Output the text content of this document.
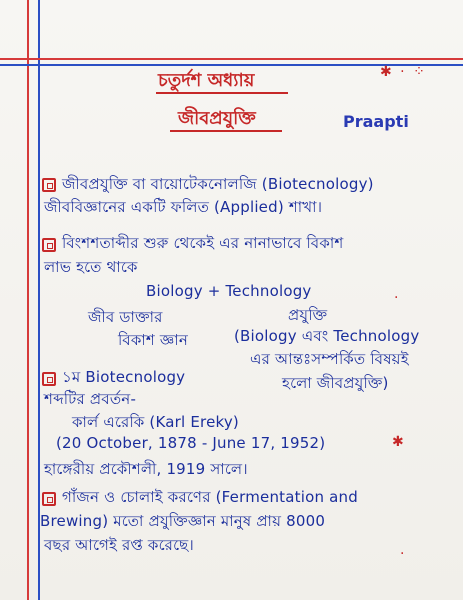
চতুর্দশ অধ্যায়
জীবপ্রযুক্তি	Praapti
✱ · ⁘
জীবপ্রযুক্তি বা বায়োটেকনোলজি (Biotecnology)
জীববিজ্ঞানের একটি ফলিত (Applied) শাখা।
বিংশশতাব্দীর শুরু থেকেই এর নানাভাবে বিকাশ
লাভ হতে থাকে
Biology + Technology
জীব ডাক্তার	প্রযুক্তি
বিকাশ জ্ঞান	(Biology এবং Technology
এর আন্তঃসম্পর্কিত বিষয়ই
হলো জীবপ্রযুক্তি)
·
১ম Biotecnology
শব্দটির প্রবর্তন-
কার্ল এরেকি (Karl Ereky)
(20 October, 1878 - June 17, 1952)
হাঙ্গেরীয় প্রকৌশলী, 1919 সালে।
✱
গাঁজন ও চোলাই করণের (Fermentation and
Brewing) মতো প্রযুক্তিজ্ঞান মানুষ প্রায় 8000
বছর আগেই রপ্ত করেছে।	·
